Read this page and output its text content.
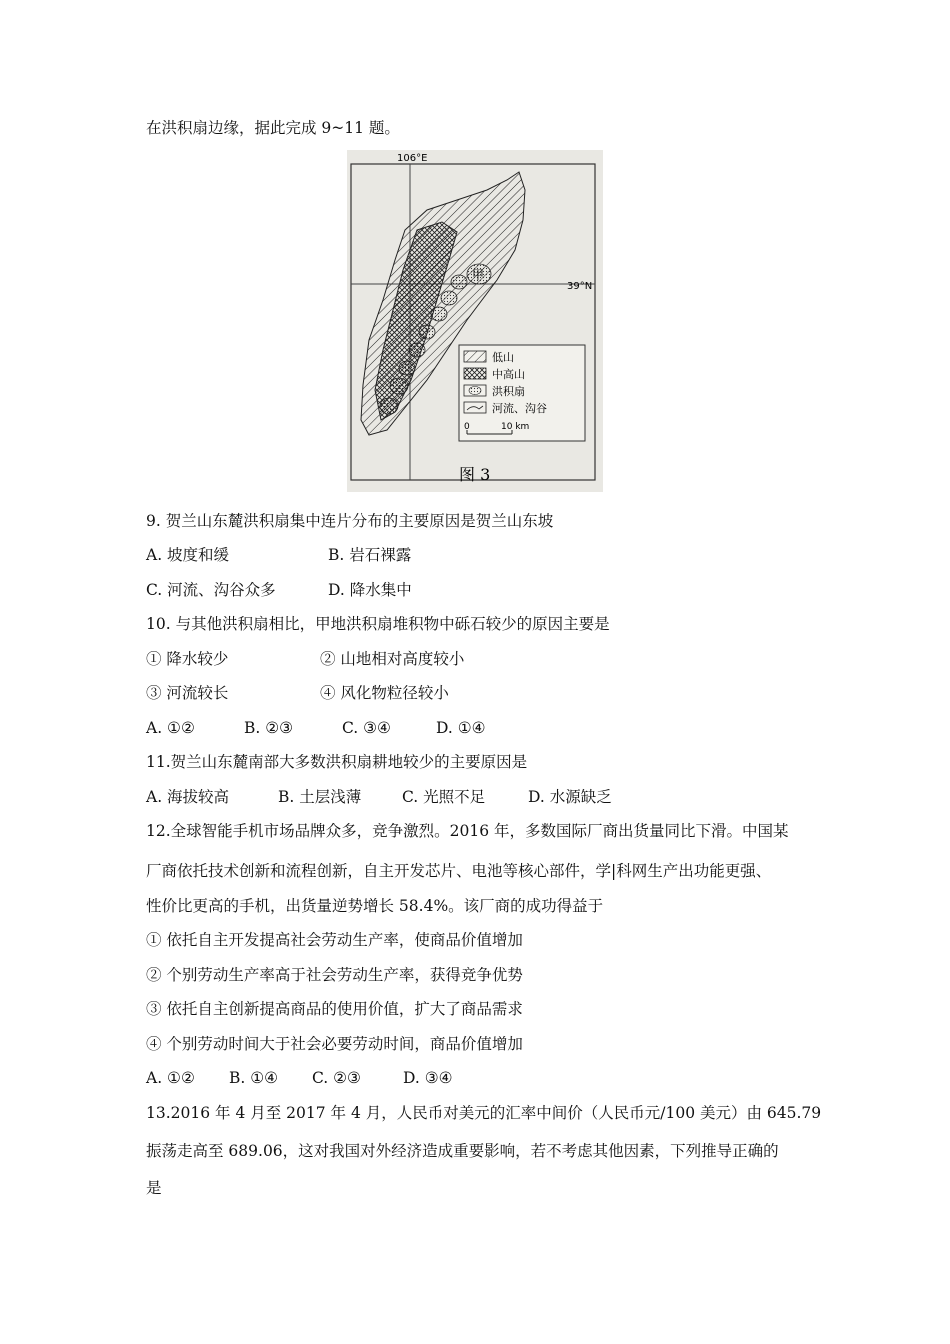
在洪积扇边缘，据此完成 9~11 题。
106°E
39°N
甲
低山
中高山
洪积扇
河流、沟谷
0	10 km
图 3
9. 贺兰山东麓洪积扇集中连片分布的主要原因是贺兰山东坡
A. 坡度和缓	B. 岩石裸露
C. 河流、沟谷众多	D. 降水集中
10. 与其他洪积扇相比，甲地洪积扇堆积物中砾石较少的原因主要是
① 降水较少	② 山地相对高度较小
③ 河流较长	④ 风化物粒径较小
A. ①②	B. ②③	C. ③④	D. ①④
11.贺兰山东麓南部大多数洪积扇耕地较少的主要原因是
A. 海拔较高	B. 土层浅薄	C. 光照不足	D. 水源缺乏
12.全球智能手机市场品牌众多，竞争激烈。2016 年，多数国际厂商出货量同比下滑。中国某
厂商依托技术创新和流程创新，自主开发芯片、电池等核心部件，学|科网生产出功能更强、
性价比更高的手机，出货量逆势增长 58.4%。该厂商的成功得益于
① 依托自主开发提高社会劳动生产率，使商品价值增加
② 个别劳动生产率高于社会劳动生产率，获得竞争优势
③ 依托自主创新提高商品的使用价值，扩大了商品需求
④ 个别劳动时间大于社会必要劳动时间，商品价值增加
A. ①② B. ①④ C. ②③	D. ③④
13.2016 年 4 月至 2017 年 4 月，人民币对美元的汇率中间价（人民币元/100 美元）由 645.79
振荡走高至 689.06，这对我国对外经济造成重要影响，若不考虑其他因素，下列推导正确的
是
